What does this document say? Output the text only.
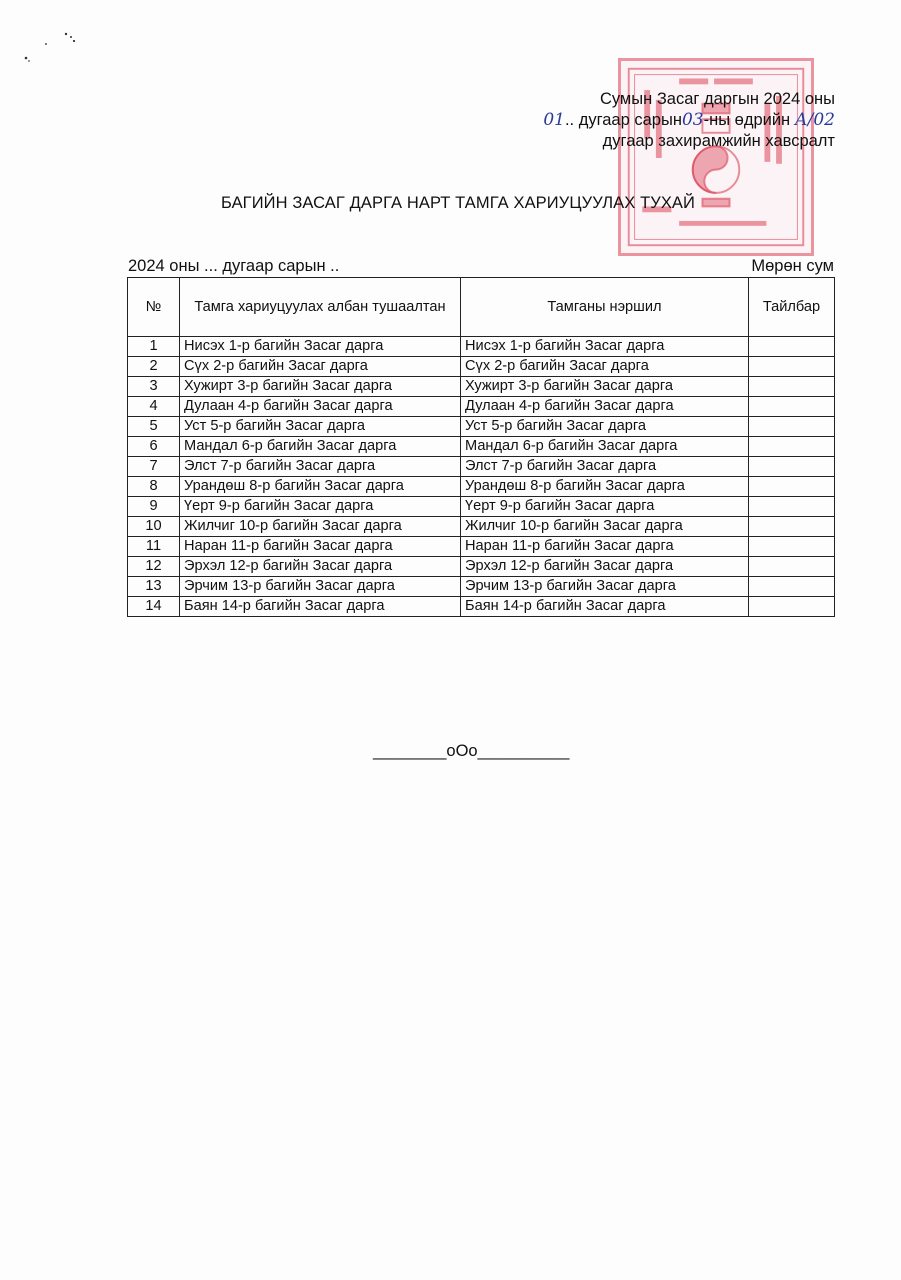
Сумын Засаг даргын 2024 оны
01.. дугаар сарын03-ны өдрийн А/02
дугаар захирамжийн хавсралт
БАГИЙН ЗАСАГ ДАРГА НАРТ ТАМГА ХАРИУЦУУЛАХ ТУХАЙ
2024 оны ... дугаар сарын ..	Мөрөн сум
№	Тамга хариуцуулах албан тушаалтан	Тамганы нэршил	Тайлбар
1	Нисэх 1-р багийн Засаг дарга	Нисэх 1-р багийн Засаг дарга	
2	Сүх 2-р багийн Засаг дарга	Сүх 2-р багийн Засаг дарга	
3	Хужирт 3-р багийн Засаг дарга	Хужирт 3-р багийн Засаг дарга	
4	Дулаан 4-р багийн Засаг дарга	Дулаан 4-р багийн Засаг дарга	
5	Уст 5-р багийн Засаг дарга	Уст 5-р багийн Засаг дарга	
6	Мандал 6-р багийн Засаг дарга	Мандал 6-р багийн Засаг дарга	
7	Элст 7-р багийн Засаг дарга	Элст 7-р багийн Засаг дарга	
8	Урандөш 8-р багийн Засаг дарга	Урандөш 8-р багийн Засаг дарга	
9	Үерт 9-р багийн Засаг дарга	Үерт 9-р багийн Засаг дарга	
10	Жилчиг 10-р багийн Засаг дарга	Жилчиг 10-р багийн Засаг дарга	
11	Наран 11-р багийн Засаг дарга	Наран 11-р багийн Засаг дарга	
12	Эрхэл 12-р багийн Засаг дарга	Эрхэл 12-р багийн Засаг дарга	
13	Эрчим 13-р багийн Засаг дарга	Эрчим 13-р багийн Засаг дарга	
14	Баян 14-р багийн Засаг дарга	Баян 14-р багийн Засаг дарга	
________оОо__________
